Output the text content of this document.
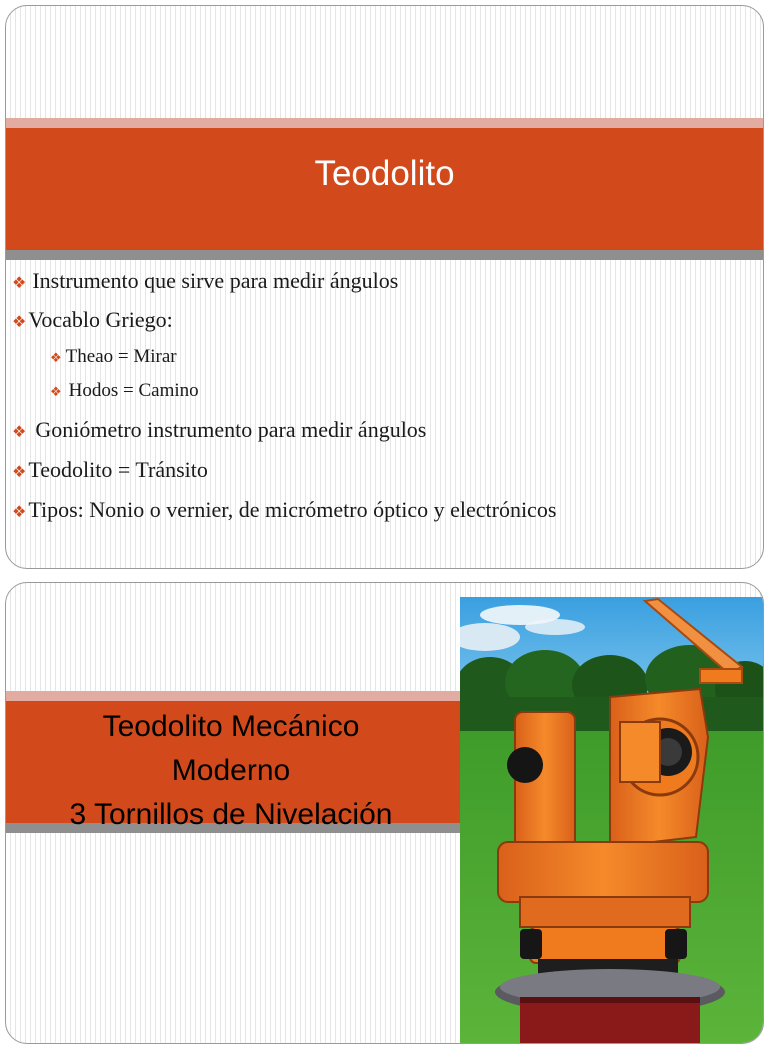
Teodolito
❖ Instrumento que sirve para medir ángulos
❖ Vocablo Griego:
❖ Theao = Mirar
❖ Hodos = Camino
❖ Goniómetro instrumento para medir ángulos
❖ Teodolito = Tránsito
❖ Tipos: Nonio o vernier, de micrómetro óptico y electrónicos
Teodolito Mecánico
Moderno
3 Tornillos de Nivelación
